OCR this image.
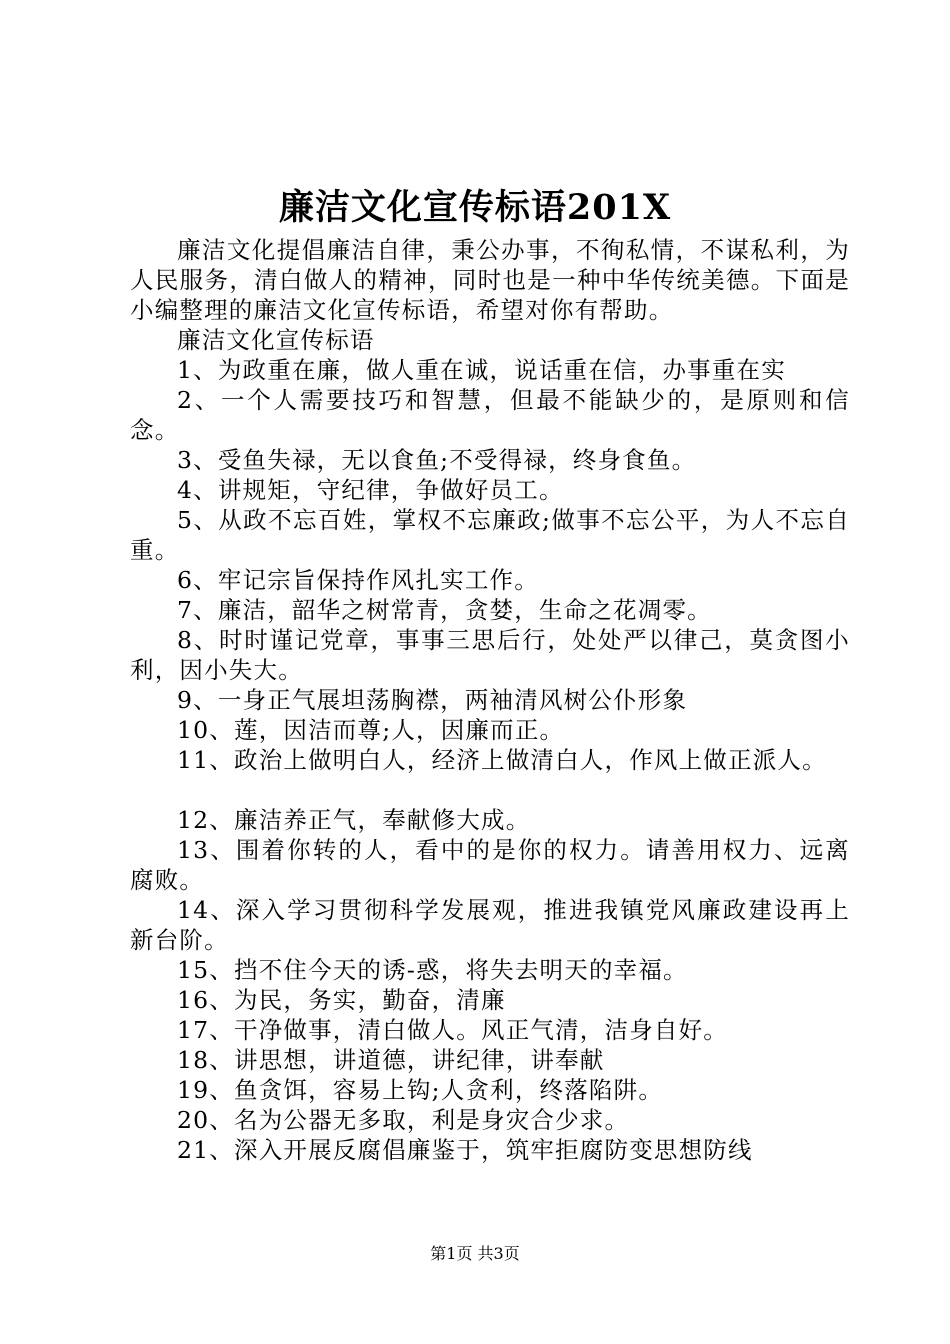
廉洁文化宣传标语201X

廉洁文化提倡廉洁自律，秉公办事，不徇私情，不谋私利，为人民服务，清白做人的精神，同时也是一种中华传统美德。下面是小编整理的廉洁文化宣传标语，希望对你有帮助。

廉洁文化宣传标语

1、为政重在廉，做人重在诚，说话重在信，办事重在实

2、一个人需要技巧和智慧，但最不能缺少的，是原则和信念。

3、受鱼失禄，无以食鱼;不受得禄，终身食鱼。

4、讲规矩，守纪律，争做好员工。

5、从政不忘百姓，掌权不忘廉政;做事不忘公平，为人不忘自重。

6、牢记宗旨保持作风扎实工作。

7、廉洁，韶华之树常青，贪婪，生命之花凋零。

8、时时谨记党章，事事三思后行，处处严以律己，莫贪图小利，因小失大。

9、一身正气展坦荡胸襟，两袖清风树公仆形象

10、莲，因洁而尊;人，因廉而正。

11、政治上做明白人，经济上做清白人，作风上做正派人。

12、廉洁养正气，奉献修大成。

13、围着你转的人，看中的是你的权力。请善用权力、远离腐败。

14、深入学习贯彻科学发展观，推进我镇党风廉政建设再上新台阶。

15、挡不住今天的诱-惑，将失去明天的幸福。

16、为民，务实，勤奋，清廉

17、干净做事，清白做人。风正气清，洁身自好。

18、讲思想，讲道德，讲纪律，讲奉献

19、鱼贪饵，容易上钩;人贪利，终落陷阱。

20、名为公器无多取，利是身灾合少求。

21、深入开展反腐倡廉鉴于，筑牢拒腐防变思想防线

第1页 共3页
